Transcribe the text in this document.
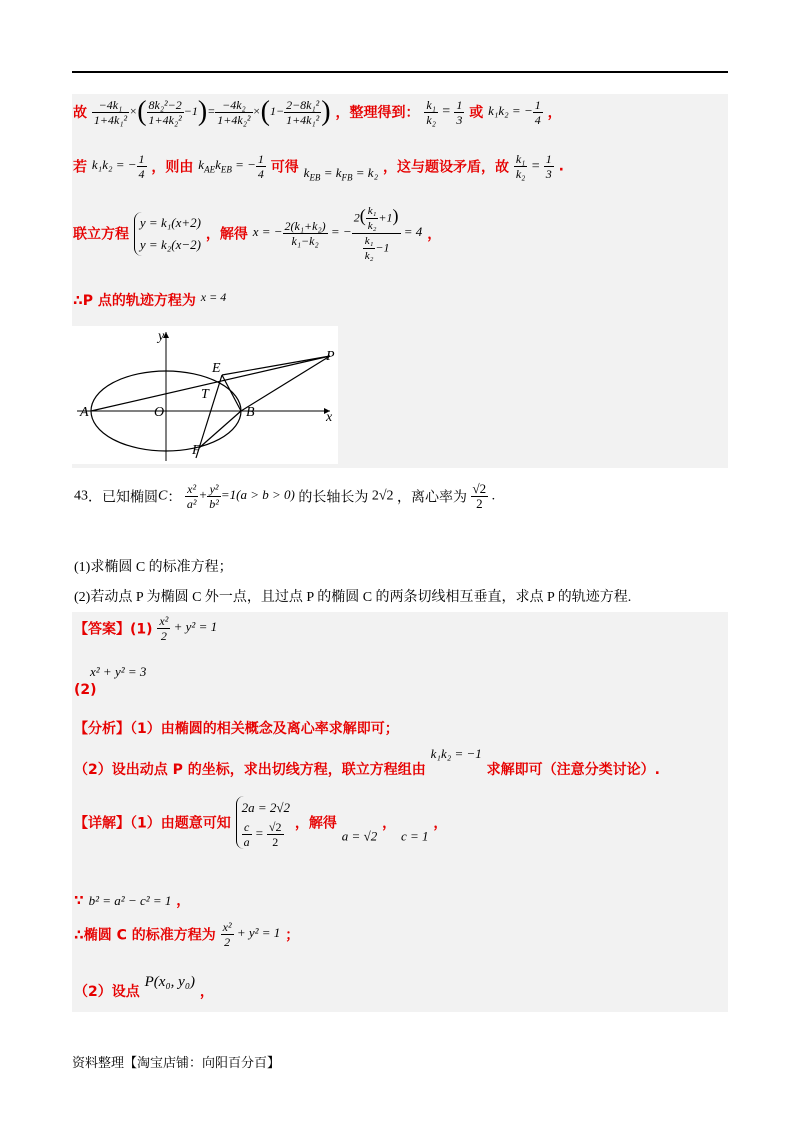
故 $\frac{\text{−4k₁}}{\text{1+4k₁²}}$ ×( $\frac{\text{8k₂²−2}}{\text{1+4k₂²}} -1)= \frac{\text{−4k₂}}{\text{1+4k₂²}} \times(1- \frac{\text{2−8k₁²}}{\text{1+4k₁²}}$ ) ，整理得到： $\frac{\text{k₁}}{\text{k₂}} = \frac{1}{3}$ 或 k₁k₂ = − $\frac{1}{4}$ ，
若 k₁k₂ = − $\frac{1}{4}$ ，则由 $k_{AE}k_{EB}$ = − $\frac{1}{4}$ 可得 $k_{EB} = k_{FB} = k_2$ ，这与题设矛盾，故 $\frac{\text{k₁}}{\text{k₂}} = \frac{1}{3}$ .
联立方程
y = k₁(x+2)
y = k₂(x−2)
，解得 x = − $\frac{\text{2(k₁+k₂)}}{\text{k₁−k₂}}$ = − $\frac{2( \frac{\text{k₁}}{\text{k₂}} +1)}{\frac{\text{k₁}}{\text{k₂}} -1} = 4$ ，
∴P 点的轨迹方程为 x = 4
y
x
P
E
T
A	O	B
F
43．已知椭圆C： $\frac{\text{x²}}{\text{a²}} + \frac{\text{y²}}{\text{b²}} =1(a > b > 0)$ 的长轴长为 2√2 ，离心率为 $\frac{√2}{2}$ .
(1)求椭圆 C 的标准方程；
(2)若动点 P 为椭圆 C 外一点，且过点 P 的椭圆 C 的两条切线相互垂直，求点 P 的轨迹方程.
【答案】$(1) \frac{\text{x²}}{2} + y^2 = 1$
(2)
x² + y² = 3
【分析】（1）由椭圆的相关概念及离心率求解即可；
（2）设出动点 P 的坐标，求出切线方程，联立方程组由 k₁k₂ = −1 求解即可（注意分类讨论）.
【详解】（1）由题意可知
2a = 2√2
$\frac{c}{a} = \frac{√2}{2}$ ，解得 a = √2 ， c = 1 ，
∵ b² = a² − c² = 1 ，
∴椭圆 C 的标准方程为 $\frac{\text{x²}}{2} + y^2 = 1$ ；
（2）设点 P(x₀, y₀) ，
资料整理【淘宝店铺：向阳百分百】
